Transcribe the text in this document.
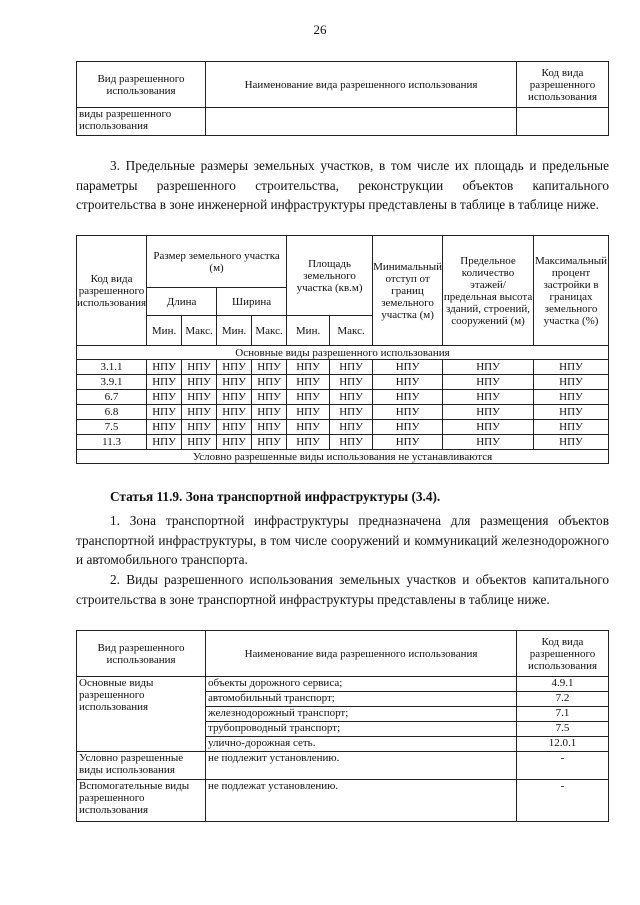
26
Вид разрешенного использования	Наименование вида разрешенного использования	Код вида разрешенного использования
виды разрешенного использования		

3. Предельные размеры земельных участков, в том числе их площадь и предельные параметры разрешенного строительства, реконструкции объектов капитального строительства в зоне инженерной инфраструктуры представлены в таблице в таблице ниже.

Код вида разрешенного использования	Размер земельного участка (м)				Площадь земельного участка (кв.м)		Минимальный отступ от границ земельного участка (м)	Предельное количество этажей/ предельная высота зданий, строений, сооружений (м)	Максимальный процент застройки в границах земельного участка (%)
	Длина		Ширина						
	Мин.	Макс.	Мин.	Макс.	Мин.	Макс.			
Основные виды разрешенного использования									
3.1.1	НПУ	НПУ	НПУ	НПУ	НПУ	НПУ	НПУ	НПУ	НПУ
3.9.1	НПУ	НПУ	НПУ	НПУ	НПУ	НПУ	НПУ	НПУ	НПУ
6.7	НПУ	НПУ	НПУ	НПУ	НПУ	НПУ	НПУ	НПУ	НПУ
6.8	НПУ	НПУ	НПУ	НПУ	НПУ	НПУ	НПУ	НПУ	НПУ
7.5	НПУ	НПУ	НПУ	НПУ	НПУ	НПУ	НПУ	НПУ	НПУ
11.3	НПУ	НПУ	НПУ	НПУ	НПУ	НПУ	НПУ	НПУ	НПУ
Условно разрешенные виды использования не устанавливаются									
Статья 11.9. Зона транспортной инфраструктуры (3.4).

1. Зона транспортной инфраструктуры предназначена для размещения объектов транспортной инфраструктуры, в том числе сооружений и коммуникаций железнодорожного и автомобильного транспорта.

2. Виды разрешенного использования земельных участков и объектов капитального строительства в зоне транспортной инфраструктуры представлены в таблице ниже.

Вид разрешенного использования	Наименование вида разрешенного использования	Код вида разрешенного использования
Основные виды разрешенного использования	объекты дорожного сервиса;	4.9.1
	автомобильный транспорт;	7.2
	железнодорожный транспорт;	7.1
	трубопроводный транспорт;	7.5
	улично-дорожная сеть.	12.0.1
Условно разрешенные виды использования	не подлежит установлению.	-
Вспомогательные виды разрешенного использования	не подлежат установлению.	-
